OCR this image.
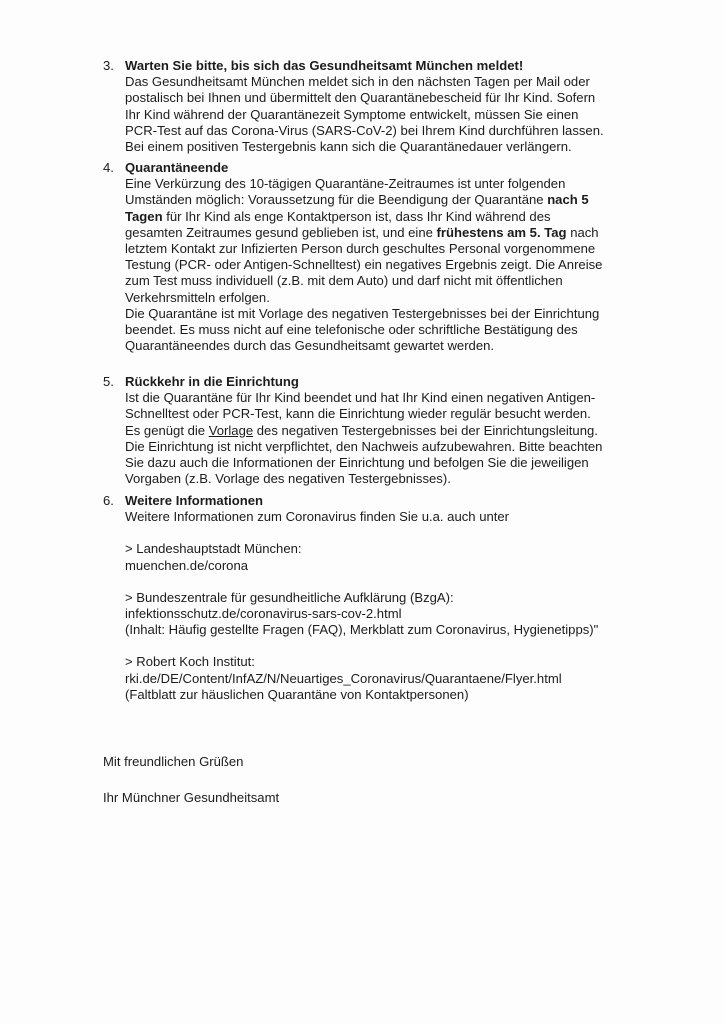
3. Warten Sie bitte, bis sich das Gesundheitsamt München meldet!

Das Gesundheitsamt München meldet sich in den nächsten Tagen per Mail oder

postalisch bei Ihnen und übermittelt den Quarantänebescheid für Ihr Kind. Sofern

Ihr Kind während der Quarantänezeit Symptome entwickelt, müssen Sie einen

PCR-Test auf das Corona-Virus (SARS-CoV-2) bei Ihrem Kind durchführen lassen.

Bei einem positiven Testergebnis kann sich die Quarantänedauer verlängern.

4. Quarantäneende

Eine Verkürzung des 10-tägigen Quarantäne-Zeitraumes ist unter folgenden

Umständen möglich: Voraussetzung für die Beendigung der Quarantäne nach 5

Tagen für Ihr Kind als enge Kontaktperson ist, dass Ihr Kind während des

gesamten Zeitraumes gesund geblieben ist, und eine frühestens am 5. Tag nach

letztem Kontakt zur Infizierten Person durch geschultes Personal vorgenommene

Testung (PCR- oder Antigen-Schnelltest) ein negatives Ergebnis zeigt. Die Anreise

zum Test muss individuell (z.B. mit dem Auto) und darf nicht mit öffentlichen

Verkehrsmitteln erfolgen.

Die Quarantäne ist mit Vorlage des negativen Testergebnisses bei der Einrichtung

beendet. Es muss nicht auf eine telefonische oder schriftliche Bestätigung des

Quarantäneendes durch das Gesundheitsamt gewartet werden.

5. Rückkehr in die Einrichtung

Ist die Quarantäne für Ihr Kind beendet und hat Ihr Kind einen negativen Antigen-

Schnelltest oder PCR-Test, kann die Einrichtung wieder regulär besucht werden.

Es genügt die Vorlage des negativen Testergebnisses bei der Einrichtungsleitung.

Die Einrichtung ist nicht verpflichtet, den Nachweis aufzubewahren. Bitte beachten

Sie dazu auch die Informationen der Einrichtung und befolgen Sie die jeweiligen

Vorgaben (z.B. Vorlage des negativen Testergebnisses).

6. Weitere Informationen

Weitere Informationen zum Coronavirus finden Sie u.a. auch unter

> Landeshauptstadt München:

muenchen.de/corona

> Bundeszentrale für gesundheitliche Aufklärung (BzgA):

infektionsschutz.de/coronavirus-sars-cov-2.html

(Inhalt: Häufig gestellte Fragen (FAQ), Merkblatt zum Coronavirus, Hygienetipps)"

> Robert Koch Institut:

rki.de/DE/Content/InfAZ/N/Neuartiges_Coronavirus/Quarantaene/Flyer.html

(Faltblatt zur häuslichen Quarantäne von Kontaktpersonen)

Mit freundlichen Grüßen
Ihr Münchner Gesundheitsamt
